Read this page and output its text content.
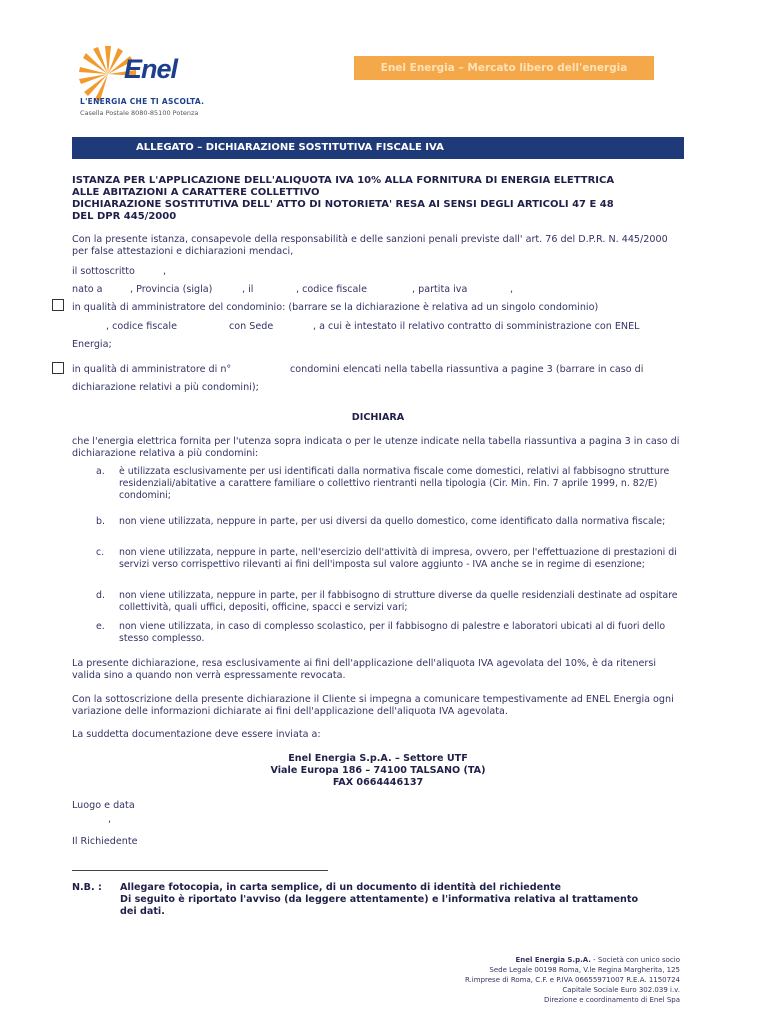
Enel
L'ENERGIA CHE TI ASCOLTA.
Casella Postale 8080-85100 Potenza
Enel Energia – Mercato libero dell'energia
ALLEGATO – DICHIARAZIONE SOSTITUTIVA FISCALE IVA
ISTANZA PER L'APPLICAZIONE DELL'ALIQUOTA IVA 10% ALLA FORNITURA DI ENERGIA ELETTRICA
ALLE ABITAZIONI A CARATTERE COLLETTIVO
DICHIARAZIONE SOSTITUTIVA DELL' ATTO DI NOTORIETA' RESA AI SENSI DEGLI ARTICOLI 47 E 48
DEL DPR 445/2000
Con la presente istanza, consapevole della responsabilità e delle sanzioni penali previste dall' art. 76 del D.P.R. N. 445/2000 per false attestazioni e dichiarazioni mendaci,
il sottoscritto	,
nato a	, Provincia (sigla)	, il	, codice fiscale	, partita iva	,
in qualità di amministratore del condominio: (barrare se la dichiarazione è relativa ad un singolo condominio)
, codice fiscale	con Sede	, a cui è intestato il relativo contratto di somministrazione con ENEL
Energia;
in qualità di amministratore di n°	condomini elencati nella tabella riassuntiva a pagine 3 (barrare in caso di
dichiarazione relativi a più condomini);
DICHIARA
che l'energia elettrica fornita per l'utenza sopra indicata o per le utenze indicate nella tabella riassuntiva a pagina 3 in caso di dichiarazione relativa a più condomini:
a. è utilizzata esclusivamente per usi identificati dalla normativa fiscale come domestici, relativi al fabbisogno strutture residenziali/abitative a carattere familiare o collettivo rientranti nella tipologia (Cir. Min. Fin. 7 aprile 1999, n. 82/E) condomini;
b. non viene utilizzata, neppure in parte, per usi diversi da quello domestico, come identificato dalla normativa fiscale;
c. non viene utilizzata, neppure in parte, nell'esercizio dell'attività di impresa, ovvero, per l'effettuazione di prestazioni di servizi verso corrispettivo rilevanti ai fini dell'imposta sul valore aggiunto - IVA anche se in regime di esenzione;
d. non viene utilizzata, neppure in parte, per il fabbisogno di strutture diverse da quelle residenziali destinate ad ospitare collettività, quali uffici, depositi, officine, spacci e servizi vari;
e. non viene utilizzata, in caso di complesso scolastico, per il fabbisogno di palestre e laboratori ubicati al di fuori dello stesso complesso.
La presente dichiarazione, resa esclusivamente ai fini dell'applicazione dell'aliquota IVA agevolata del 10%, è da ritenersi valida sino a quando non verrà espressamente revocata.
Con la sottoscrizione della presente dichiarazione il Cliente si impegna a comunicare tempestivamente ad ENEL Energia ogni variazione delle informazioni dichiarate ai fini dell'applicazione dell'aliquota IVA agevolata.
La suddetta documentazione deve essere inviata a:
Enel Energia S.p.A. – Settore UTF
Viale Europa 186 – 74100 TALSANO (TA)
FAX 0664446137
Luogo e data
,
Il Richiedente
N.B. : Allegare fotocopia, in carta semplice, di un documento di identità del richiedente
Di seguito è riportato l'avviso (da leggere attentamente) e l'informativa relativa al trattamento
dei dati.
Enel Energia S.p.A. - Società con unico socio
Sede Legale 00198 Roma, V.le Regina Margherita, 125
R.imprese di Roma, C.F. e P.IVA 06655971007 R.E.A. 1150724
Capitale Sociale Euro 302.039 i.v.
Direzione e coordinamento di Enel Spa
